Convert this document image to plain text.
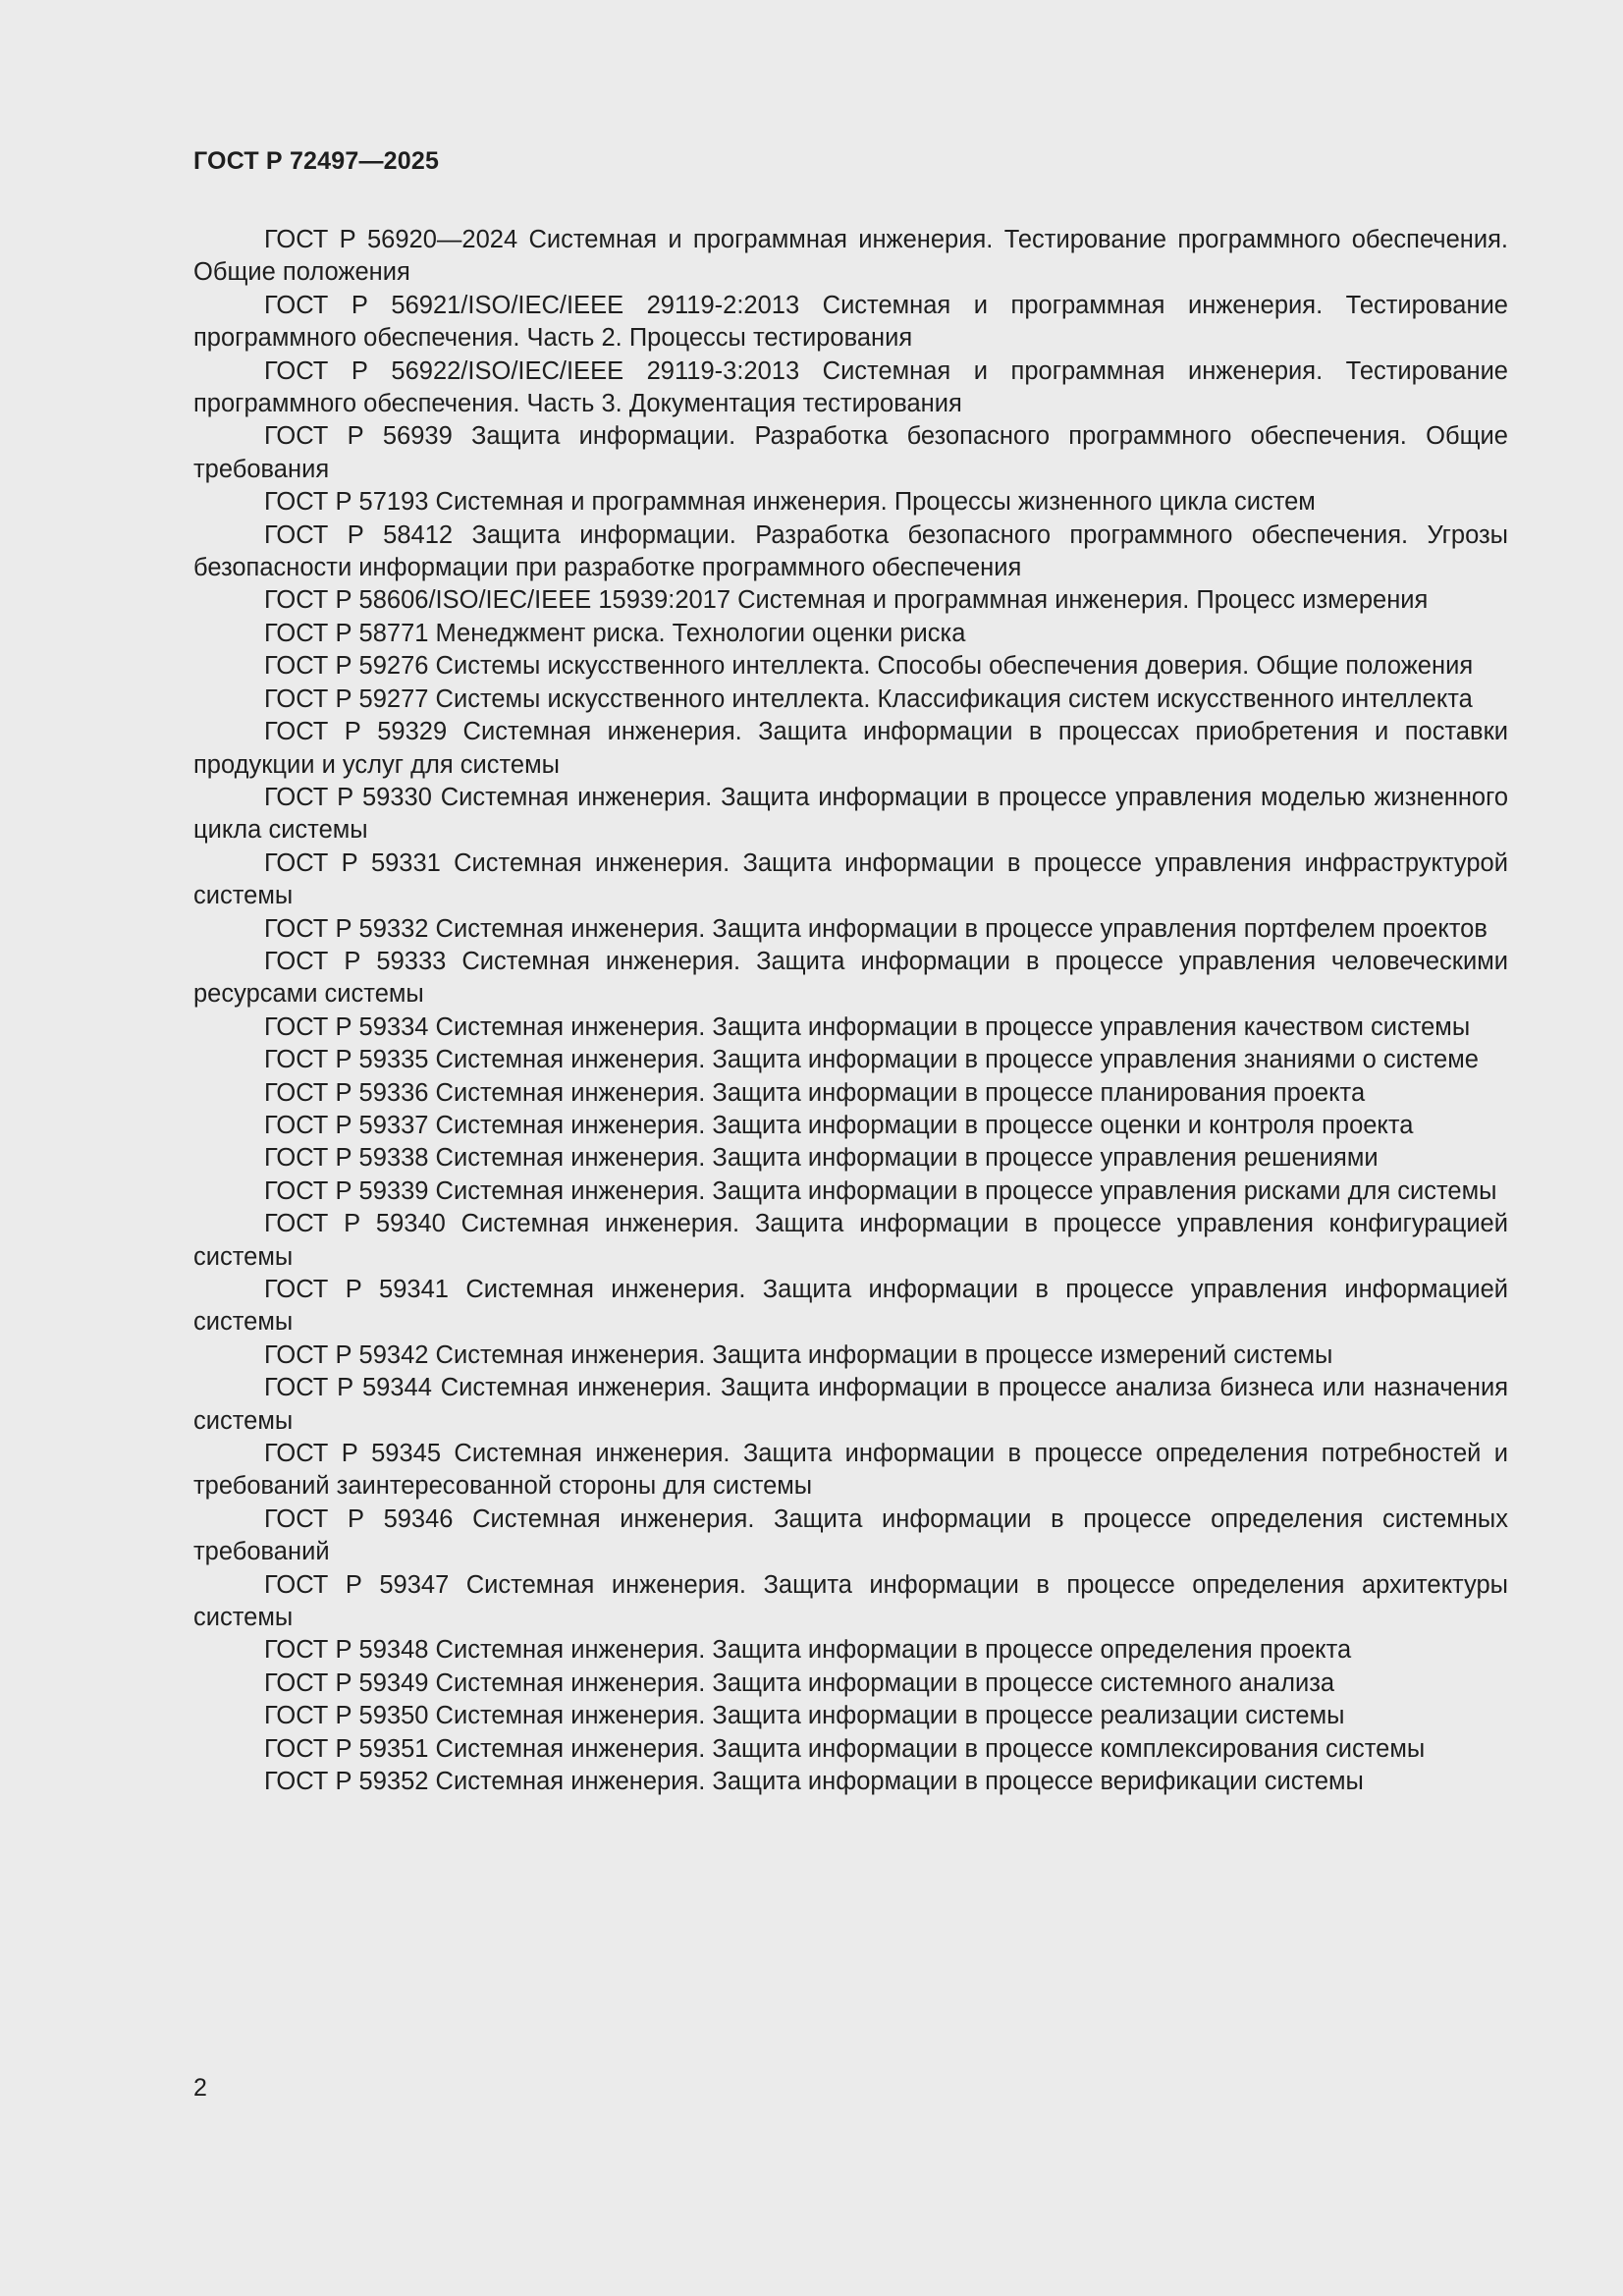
ГОСТ Р 72497—2025
ГОСТ Р 56920—2024 Системная и программная инженерия. Тестирование программного обеспечения. Общие положения
ГОСТ Р 56921/ISO/IEC/IEEE 29119-2:2013 Системная и программная инженерия. Тестирование программного обеспечения. Часть 2. Процессы тестирования
ГОСТ Р 56922/ISO/IEC/IEEE 29119-3:2013 Системная и программная инженерия. Тестирование программного обеспечения. Часть 3. Документация тестирования
ГОСТ Р 56939 Защита информации. Разработка безопасного программного обеспечения. Общие требования
ГОСТ Р 57193 Системная и программная инженерия. Процессы жизненного цикла систем
ГОСТ Р 58412 Защита информации. Разработка безопасного программного обеспечения. Угрозы безопасности информации при разработке программного обеспечения
ГОСТ Р 58606/ISO/IEC/IEEE 15939:2017 Системная и программная инженерия. Процесс измерения
ГОСТ Р 58771 Менеджмент риска. Технологии оценки риска
ГОСТ Р 59276 Системы искусственного интеллекта. Способы обеспечения доверия. Общие положения
ГОСТ Р 59277 Системы искусственного интеллекта. Классификация систем искусственного интеллекта
ГОСТ Р 59329 Системная инженерия. Защита информации в процессах приобретения и поставки продукции и услуг для системы
ГОСТ Р 59330 Системная инженерия. Защита информации в процессе управления моделью жизненного цикла системы
ГОСТ Р 59331 Системная инженерия. Защита информации в процессе управления инфраструктурой системы
ГОСТ Р 59332 Системная инженерия. Защита информации в процессе управления портфелем проектов
ГОСТ Р 59333 Системная инженерия. Защита информации в процессе управления человеческими ресурсами системы
ГОСТ Р 59334 Системная инженерия. Защита информации в процессе управления качеством системы
ГОСТ Р 59335 Системная инженерия. Защита информации в процессе управления знаниями о системе
ГОСТ Р 59336 Системная инженерия. Защита информации в процессе планирования проекта
ГОСТ Р 59337 Системная инженерия. Защита информации в процессе оценки и контроля проекта
ГОСТ Р 59338 Системная инженерия. Защита информации в процессе управления решениями
ГОСТ Р 59339 Системная инженерия. Защита информации в процессе управления рисками для системы
ГОСТ Р 59340 Системная инженерия. Защита информации в процессе управления конфигурацией системы
ГОСТ Р 59341 Системная инженерия. Защита информации в процессе управления информацией системы
ГОСТ Р 59342 Системная инженерия. Защита информации в процессе измерений системы
ГОСТ Р 59344 Системная инженерия. Защита информации в процессе анализа бизнеса или назначения системы
ГОСТ Р 59345 Системная инженерия. Защита информации в процессе определения потребностей и требований заинтересованной стороны для системы
ГОСТ Р 59346 Системная инженерия. Защита информации в процессе определения системных требований
ГОСТ Р 59347 Системная инженерия. Защита информации в процессе определения архитектуры системы
ГОСТ Р 59348 Системная инженерия. Защита информации в процессе определения проекта
ГОСТ Р 59349 Системная инженерия. Защита информации в процессе системного анализа
ГОСТ Р 59350 Системная инженерия. Защита информации в процессе реализации системы
ГОСТ Р 59351 Системная инженерия. Защита информации в процессе комплексирования системы
ГОСТ Р 59352 Системная инженерия. Защита информации в процессе верификации системы
2
